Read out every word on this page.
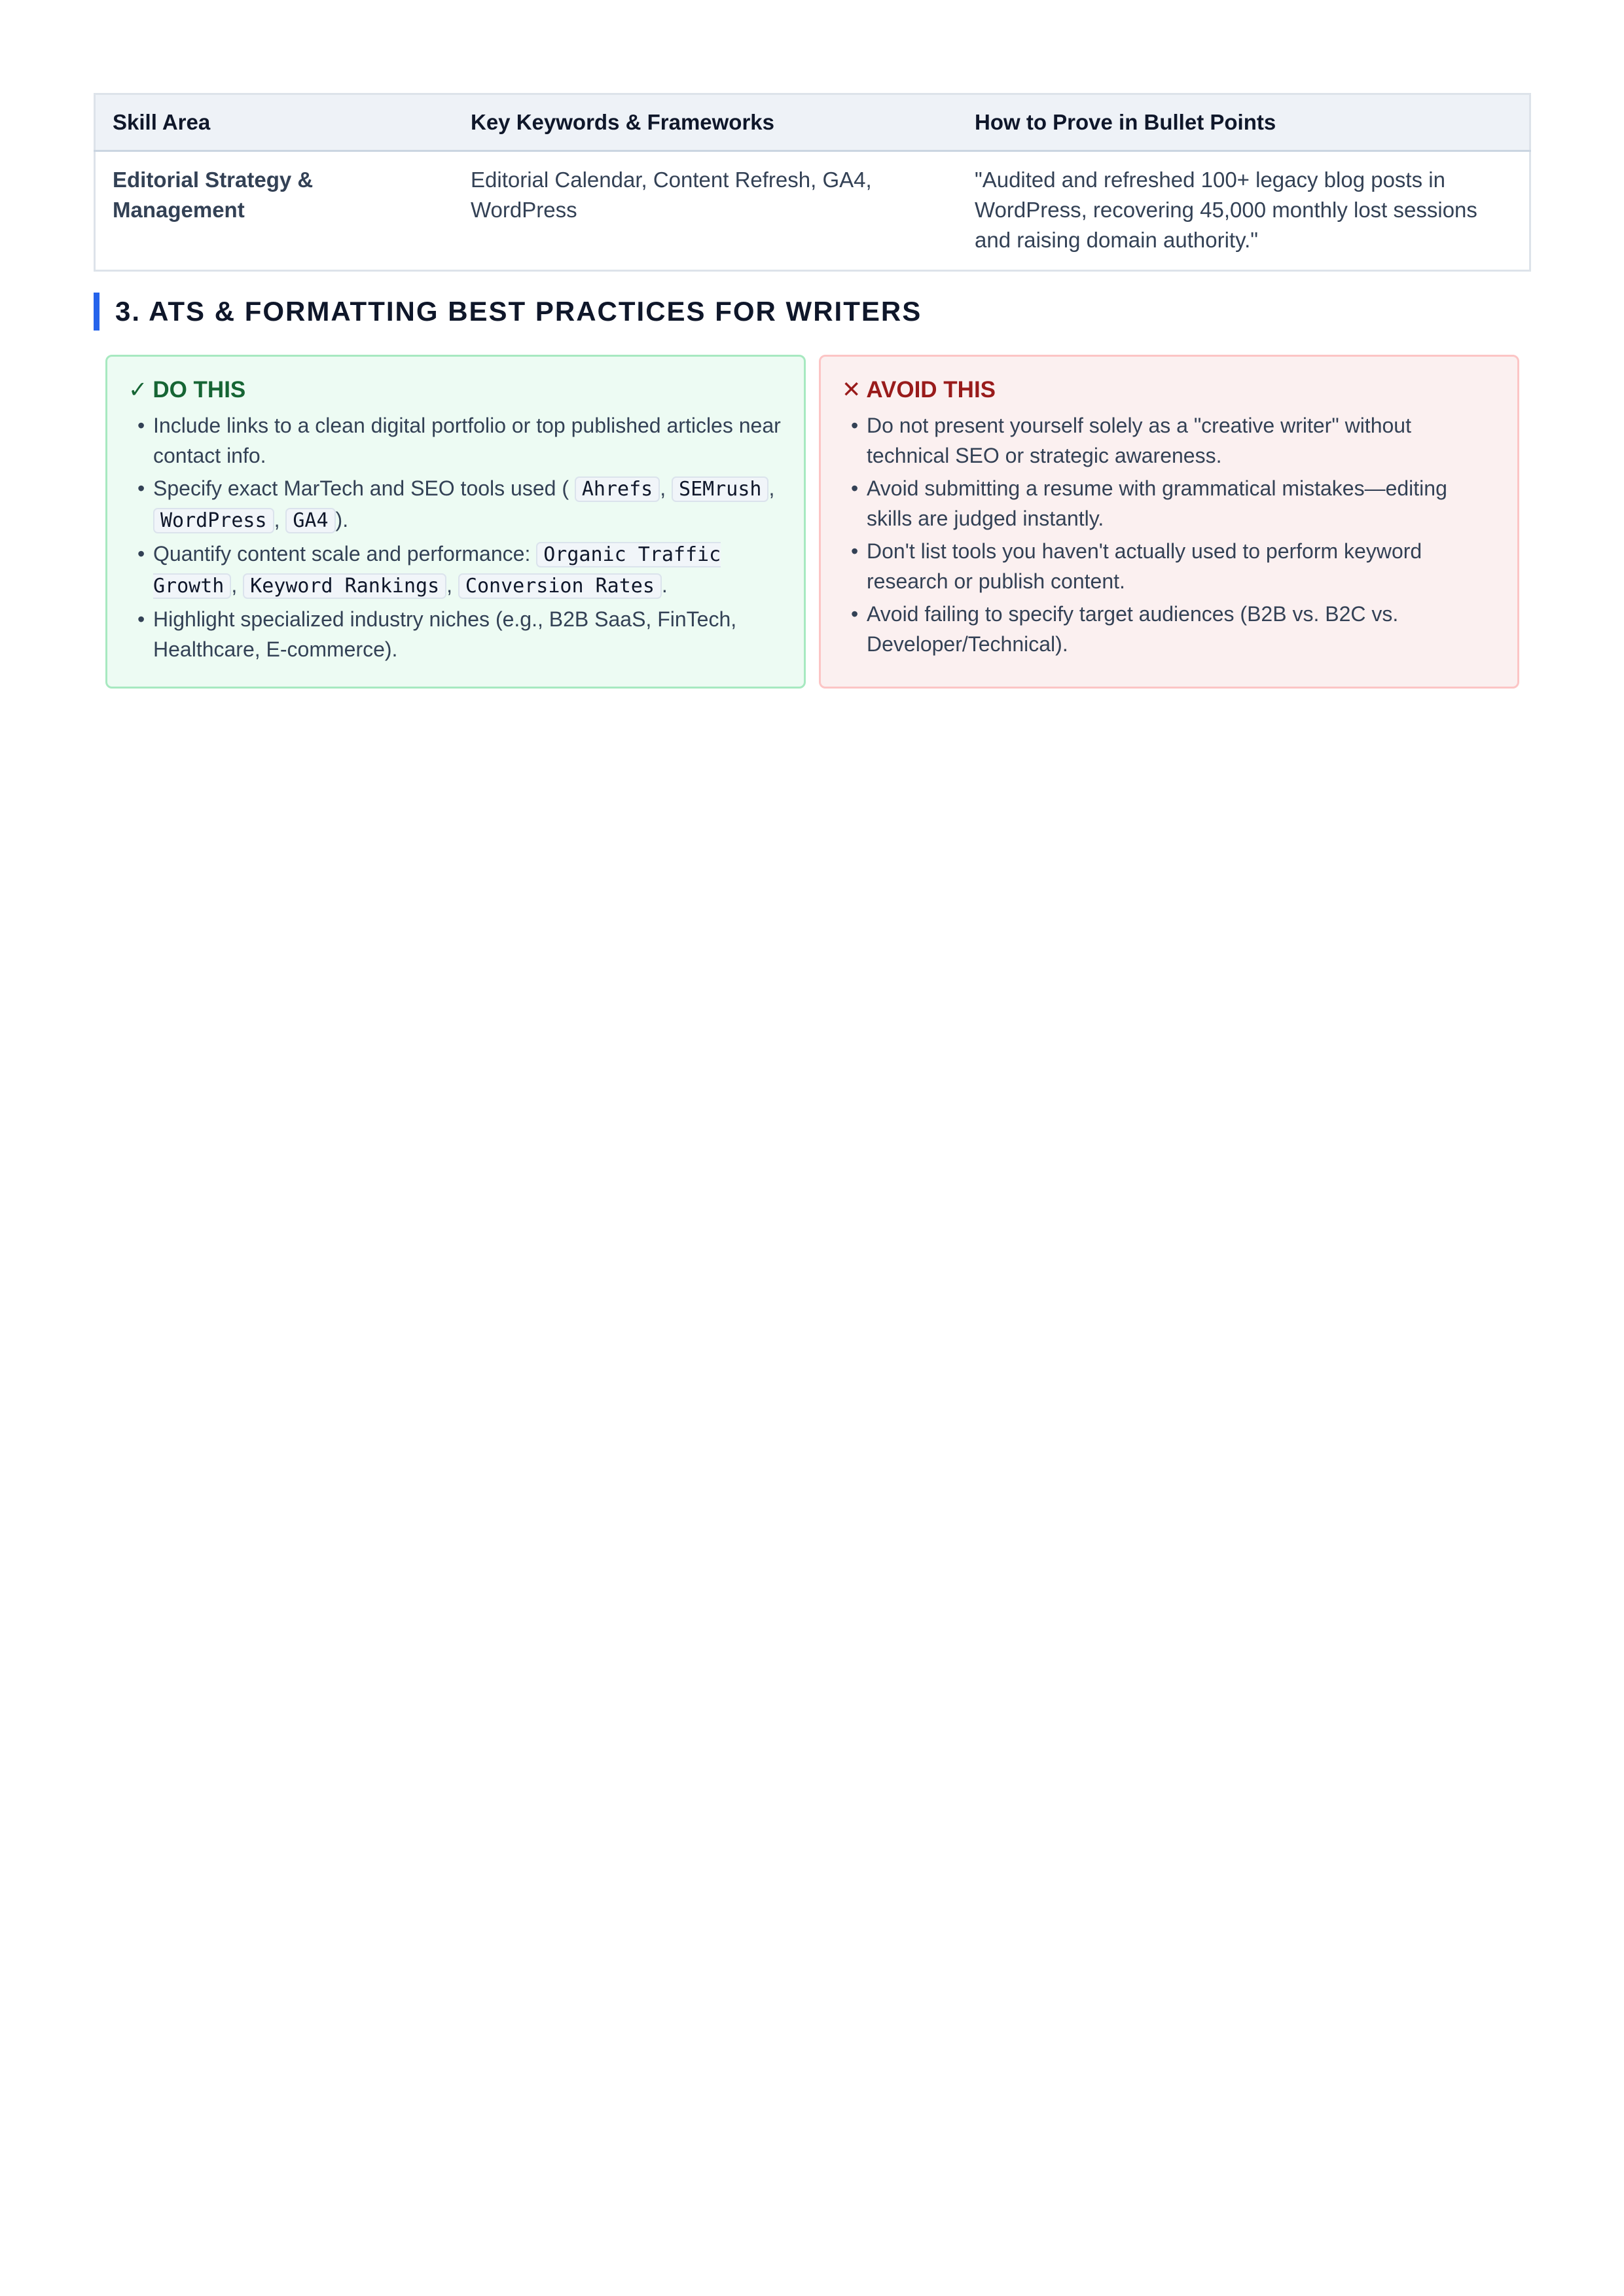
Skill Area	Key Keywords & Frameworks	How to Prove in Bullet Points
Editorial Strategy & Management	Editorial Calendar, Content Refresh, GA4, WordPress	"Audited and refreshed 100+ legacy blog posts in WordPress, recovering 45,000 monthly lost sessions and raising domain authority."
3. ATS & FORMATTING BEST PRACTICES FOR WRITERS
✓ DO THIS
• Include links to a clean digital portfolio or top published articles near contact info.
• Specify exact MarTech and SEO tools used ( Ahrefs , SEMrush , WordPress , GA4 ).
• Quantify content scale and performance: Organic Traffic Growth , Keyword Rankings , Conversion Rates .
• Highlight specialized industry niches (e.g., B2B SaaS, FinTech, Healthcare, E-commerce).
✕ AVOID THIS
• Do not present yourself solely as a "creative writer" without technical SEO or strategic awareness.
• Avoid submitting a resume with grammatical mistakes—editing skills are judged instantly.
• Don't list tools you haven't actually used to perform keyword research or publish content.
• Avoid failing to specify target audiences (B2B vs. B2C vs. Developer/Technical).
